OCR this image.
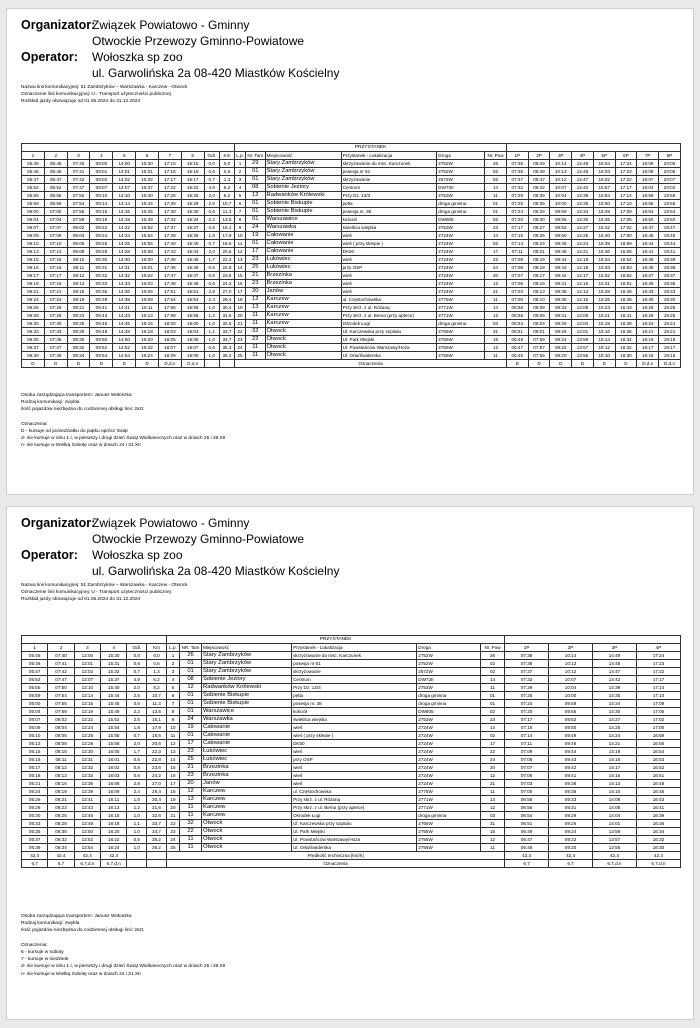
Organizator:
Związek Powiatowo - Gminny
Otwockie Przewozy Gminno-Powiatowe
Operator:	Wołoszka sp zoo
ul. Garwolińska 2a 08-420 Miastków Kościelny
Nazwa linii komunikacyjnej: 51 Zambrzyków – Warszawka - Karczew - Otwock
Oznaczenie linii komunikacyjnej: U - Transport użyteczności publicznej
Rozkład jazdy obowiązuje od 01.06.2024 do 31.12.2024
										PRZYSTANEK													
1	2	3	4	5	6	7	8	Odl.	Km	L.p.	Nr. Tam	Miejscowość	Przystanek - Lokalizacja	Droga	Nr. Pow	1P	2P	3P	4P	5P	6P	7P	8P
05:45	06:45	07:40	09:00	14:00	15:30	17:15	18:15	0,0	0,0	1	29	Stary Zambrzyków	skrzyżowanie do msc. Karczunek	2752W	26	07:38	08:49	10:14	14:49	16:04	17:24	19:09	20:09
05:46	06:46	07:41	09:01	14:01	15:31	17:16	18:16	0,6	0,6	2	01	Stary Zambrzyków	posesja nr 61	2752W	02	07:38	08:48	10:13	14:48	16:03	17:23	19:08	20:08
05:47	06:47	07:42	09:02	14:02	15:32	17:17	18:17	0,7	1,3	3	01	Stary Zambrzyków	skrzyżowanie	2572W	02	07:37	08:47	10:12	14:47	16:02	17:22	19:07	20:07
05:52	06:52	07:47	09:07	14:07	15:37	17:22	18:22	4,9	6,2	4	08	Sobienie Jeziory	Centrum	DW73II	14	07:32	08:42	10:07	14:42	15:57	17:17	19:02	20:02
05:55	06:55	07:50	09:10	14:10	15:40	17:25	18:25	2,0	8,2	5	12	Radwanków Królewski	Przy Dz. 13/3	2753W	11	07:29	08:39	10:04	14:39	15:54	17:14	18:59	19:59
05:59	06:59	07:54	09:14	14:14	15:44	17:29	18:29	2,5	10,7	6	01	Sobienie Biskupie	pętla	droga gminna	01	07:25	08:35	10:00	14:35	15:50	17:10	18:55	19:55
06:00	07:00	07:55	09:15	14:15	15:45	17:30	18:30	0,6	11,3	7	01	Sobienie Biskupie	posesja nr. 38	droga gminna	01	07:24	08:34	09:59	14:34	15:49	17:09	18:54	19:54
06:04	07:04	07:59	09:19	14:19	15:49	17:34	18:34	2,2	13,5	8	01	Warszawice	kościół	DW805	02	07:20	08:30	09:55	14:30	15:45	17:05	18:50	19:50
06:07	07:07	08:02	09:22	14:22	15:52	17:37	18:37	2,6	16,1	9	24	Warszawka	świetlica wiejska	2753W	23	07:17	08:27	09:52	14:27	15:42	17:02	18:47	19:47
06:09	07:09	08:04	09:24	14:24	15:54	17:39	18:39	1,8	17,9	10	19	Całowanie	wieś	2724W	14	07:15	08:25	09:50	14:25	15:40	17:00	18:45	19:45
06:10	07:10	08:05	09:25	14:25	15:55	17:40	18:40	0,7	18,6	11	01	Całowanie	wieś ( przy sklepie )	2724W	02	07:14	08:24	09:49	14:24	15:39	16:59	18:44	19:44
06:13	07:13	08:08	09:28	14:28	15:58	17:43	18:43	2,0	20,6	12	17	Całowanie	DK50	2724W	17	07:11	08:21	09:46	14:21	15:36	16:56	18:41	19:41
06:15	07:15	08:10	09:30	14:30	16:00	17:45	18:45	1,7	22,3	13	23	Łukówiec	wieś	2724W	22	07:09	08:19	09:44	14:19	15:34	16:54	18:39	19:39
06:16	07:16	08:11	09:31	14:31	16:01	17:46	18:46	0,5	22,8	14	25	Łukówiec	przy OSP	2724W	24	07:08	08:18	09:43	14:18	15:33	16:53	18:38	19:38
06:17	07:17	08:12	09:32	14:32	16:02	17:47	18:47	0,8	23,6	15	21	Brzezinka	wieś	2724W	20	07:07	08:17	09:42	14:17	15:32	16:52	18:37	19:37
06:18	07:18	08:13	09:33	14:33	16:03	17:48	18:48	0,6	24,2	16	23	Brzezinka	wieś	2724W	12	07:06	08:16	09:41	14:16	15:31	16:51	18:36	19:36
06:21	07:21	08:16	09:36	14:36	16:06	17:51	18:51	2,8	27,0	17	20	Janów	wieś	2724W	21	07:03	08:13	09:38	14:13	15:28	16:48	18:33	19:33
06:24	07:24	08:19	09:39	14:39	16:09	17:54	18:54	2,4	29,4	18	12	Karczew	ul. Częstochowska	2775W	11	07:00	08:10	09:35	14:10	15:25	16:45	18:30	19:30
06:26	07:26	08:21	09:41	14:41	16:11	17:56	18:56	1,0	30,4	19	13	Karczew	Przy skrz. z ul. Różaną	2771W	14	06:58	08:08	09:33	14:08	15:23	16:43	18:28	19:28
06:28	07:28	08:23	09:43	14:43	16:13	17:58	18:58	1,2	31,6	20	11	Karczew	Przy skrz. z ul. Bema (przy aptece)	2771W	12	06:56	08:06	09:31	14:06	15:21	16:41	18:26	19:26
06:30	07:30	08:25	09:45	14:45	16:15	18:00	19:00	1,0	32,6	21	11	Karczew	Ośrodek Ługi	droga gminna	03	06:54	08:04	09:29	14:04	15:19	16:39	18:24	19:24
06:33	07:33	08:28	09:48	14:48	16:18	18:03	19:03	1,1	33,7	22	32	Otwock	Ul. Karczewska przy szpitalu	2765W	31	06:51	08:01	09:26	14:01	15:16	16:36	18:21	19:21
06:35	07:35	08:30	09:50	14:50	16:20	18:05	19:05	1,0	34,7	23	22	Otwock	Ul. Park Miejski	2755W	15	06:49	07:59	09:24	13:59	15:14	16:34	18:19	19:19
06:37	07:37	08:32	09:52	14:52	16:22	18:07	19:07	0,6	35,3	24	11	Otwock	Ul. Powstańców Warszawy/Hoża	2755W	12	06:47	07:57	09:22	13:57	15:12	16:32	18:17	19:17
06:39	07:39	08:34	09:54	14:54	16:24	18:09	19:09	1,0	36,2	25	11	Otwock	Ul. Orła/Świderska	2756W	11	06:45	07:55	09:20	13:55	15:10	16:30	18:15	19:15
D	D	D	D	D	D	D,d,n	D,d,n			Oznaczenia						D	D	D	D	D	D	D,d,n	D,d,n
Osoba zarządzająca transportem: Janusz Wołoszka
Rodzaj komunikacji: zwykła
Ilość pojazdów niezbędna do codziennej obsługi linii: 2szt.

Oznaczenia:
D - kursuje od poniedziałku do piątku oprócz świąt
d- nie kursuje w dniu 1.I, w pierwszy i drugi dzień Świąt Wielkanocnych oraz w dniach 25 i 26.XII
n- nie kursuje w Wielką Sobotę oraz w dniach 24 i 31.XII
Organizator:
Związek Powiatowo - Gminny
Otwockie Przewozy Gminno-Powiatowe
Operator:	Wołoszka sp zoo
ul. Garwolińska 2a 08-420 Miastków Kościelny
Nazwa linii komunikacyjnej: 51 Zambrzyków – Warszawka - Karczew - Otwock
Oznaczenie linii komunikacyjnej: U - Transport użyteczności publicznej
Rozkład jazdy obowiązuje od 01.06.2024 do 31.12.2024
						PRZYSTANEK									
1	2	3	4	Odl.	Km	L.p.	NR. Tam	Miejscowość	Przystanek - Lokalizacja	Droga	Nr. Pow	1P	2P	3P	4P
05:45	07:40	13:00	15:30	0,0	0,0	1	26	Stary Zambrzyków	skrzyżowanie do msc. Karczunek	2752W	26	07:38	10:14	14:49	17:24
05:46	07:41	13:01	15:31	0,6	0,6	2	01	Stary Zambrzyków	posesja nr 61	2752W	02	07:38	10:13	14:48	17:23
05:47	07:42	13:02	15:32	0,7	1,3	3	01	Stary Zambrzyków	skrzyżowanie	2572W	02	07:37	10:12	14:47	17:22
05:52	07:47	13:07	15:37	4,9	6,2	4	08	Sobienie Jeziory	Centrum	DW73II	14	07:32	10:07	14:42	17:17
05:55	07:50	13:10	15:40	2,0	8,2	5	12	Radwanków Królewski	Przy Dz. 13/3	2753W	11	07:29	10:04	14:39	17:14
05:59	07:54	13:14	15:44	2,5	10,7	6	01	Sobienie Biskupie	pętla	droga gminna	01	07:25	10:00	14:35	17:10
06:00	07:55	13:15	15:45	0,6	11,3	7	01	Sobienie Biskupie	posesja nr. 38	droga gminna	01	07:24	09:59	14:34	17:09
06:04	07:59	13:19	15:49	2,2	13,5	8	01	Warszawice	kościół	DW805	02	07:20	09:55	14:30	17:05
06:07	08:02	13:22	15:52	2,6	16,1	9	24	Warszawka	świetlica wiejska	2753W	23	07:17	09:52	14:27	17:02
06:09	08:04	13:24	15:54	1,8	17,9	10	19	Całowanie	wieś	2724W	14	07:15	09:50	14:25	17:00
06:10	08:05	13:25	15:55	0,7	18,6	11	01	Całowanie	wieś ( przy sklepie )	2724W	02	07:14	09:49	14:24	16:59
06:13	08:08	13:28	15:58	2,0	20,6	12	17	Całowanie	DK50	2724W	17	07:11	09:46	14:21	16:56
06:15	08:10	13:30	16:00	1,7	22,3	13	23	Łukówiec	wieś	2724W	22	07:09	09:44	14:19	16:54
06:16	08:11	13:31	16:01	0,5	22,8	14	25	Łukówiec	przy OSP	2724W	24	07:08	09:43	14:18	16:53
06:17	08:12	13:32	16:02	0,8	23,6	15	21	Brzezinka	wieś	2724W	20	07:07	09:42	14:17	16:52
06:18	08:13	13:33	16:03	0,6	24,2	16	23	Brzezinka	wieś	2724W	12	07:06	09:41	14:16	16:51
06:21	08:16	13:36	16:06	2,8	27,0	17	20	Janów	wieś	2724W	21	07:03	09:38	14:13	16:48
06:24	08:19	13:39	16:09	2,4	29,4	18	12	Karczew	ul. Częstochowska	2775W	11	07:00	09:35	14:10	16:45
06:26	08:21	13:41	16:11	1,0	30,4	19	13	Karczew	Przy skrz. z ul. Różaną	2771W	14	06:58	09:33	14:08	16:43
06:28	08:23	13:43	16:13	1,2	31,6	20	11	Karczew	Przy skrz. z ul. Bema (przy aptece)	2771W	12	06:56	09:31	14:06	16:41
06:30	08:25	13:45	16:15	1,0	32,6	21	11	Karczew	Ośrodek Ługi	droga gminna	03	06:54	09:29	14:04	16:39
06:33	08:28	13:48	16:18	1,1	33,7	22	32	Otwock	Ul. Karczewska przy szpitalu	2765W	31	06:51	09:26	14:01	16:36
06:35	08:30	13:50	16:20	1,0	34,7	23	22	Otwock	Ul. Park Miejski	2755W	15	06:49	09:24	13:59	16:34
06:37	08:32	13:52	16:22	0,5	35,2	24	11	Otwock	Ul. Powstańców Warszawy/Hoża	2755W	12	06:47	09:22	13:57	16:32
06:39	08:34	13:54	16:24	1,0	36,2	25	11	Otwock	Ul. Orła/Świderska	2756W	11	06:45	09:20	13:55	16:30
42,4	42,4	42,4	42,4			Prędkość techniczna [km/h]						42,4	42,4	42,4	42,4
6,7	6,7	6,7,d,n	6,7,d,n			Oznaczenia						6,7	6,7	6,7,d,n	6,7,d,n
Osoba zarządzająca transportem: Janusz Wołoszka
Rodzaj komunikacji: zwykła
Ilość pojazdów niezbędna do codziennej obsługi linii: 2szt.

Oznaczenia:
6 - kursuje w soboty
7 - kursuje w niedziele
d- nie kursuje w dniu 1.I, w pierwszy i drugi dzień Świąt Wielkanocnych oraz w dniach 25 i 26.XII
n- nie kursuje w Wielką Sobotę oraz w dniach 24 i 31.XII
